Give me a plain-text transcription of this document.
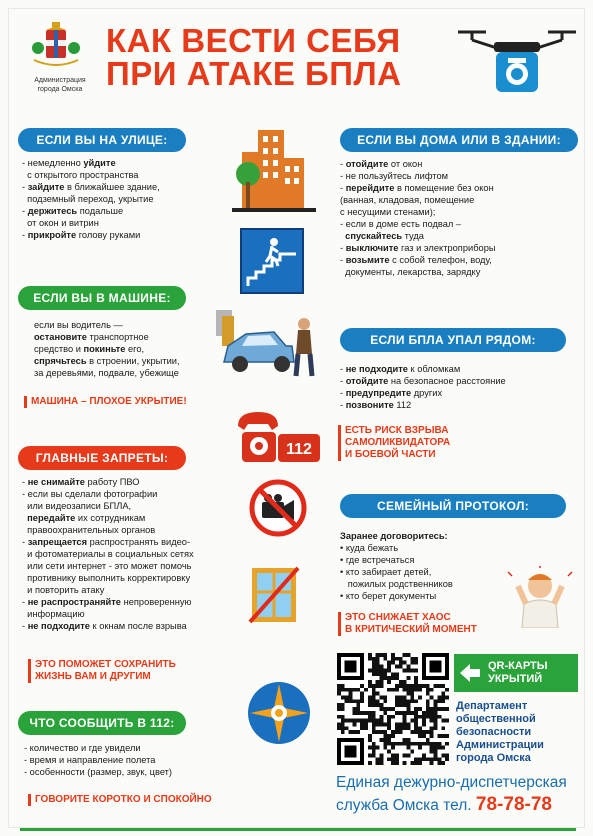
Администрация
города Омска
КАК ВЕСТИ СЕБЯ
ПРИ АТАКЕ БПЛА
ЕСЛИ ВЫ НА УЛИЦЕ:
- немедленно уйдите
с открытого пространства
- зайдите в ближайшее здание,
подземный переход, укрытие
- держитесь подальше
от окон и витрин
- прикройте голову руками
ЕСЛИ ВЫ В МАШИНЕ:
если вы водитель —
остановите транспортное
средство и покиньте его,
спрячьтесь в строении, укрытии,
за деревьями, подвале, убежище
МАШИНА – ПЛОХОЕ УКРЫТИЕ!
ГЛАВНЫЕ ЗАПРЕТЫ:
- не снимайте работу ПВО
- если вы сделали фотографии
или видеозаписи БПЛА,
передайте их сотрудникам
правоохранительных органов
- запрещается распространять видео-
и фотоматериалы в социальных сетях
или сети интернет - это может помочь
противнику выполнить корректировку
и повторить атаку
- не распространяйте непроверенную
информацию
- не подходите к окнам после взрыва
ЭТО ПОМОЖЕТ СОХРАНИТЬ
ЖИЗНЬ ВАМ И ДРУГИМ
ЧТО СООБЩИТЬ В 112:
- количество и где увидели
- время и направление полета
- особенности (размер, звук, цвет)
ГОВОРИТЕ КОРОТКО И СПОКОЙНО
112
ЕСЛИ ВЫ ДОМА ИЛИ В ЗДАНИИ:
- отойдите от окон
- не пользуйтесь лифтом
- перейдите в помещение без окон
(ванная, кладовая, помещение
с несущими стенами);
- если в доме есть подвал –
спускайтесь туда
- выключите газ и электроприборы
- возьмите с собой телефон, воду,
документы, лекарства, зарядку
ЕСЛИ БПЛА УПАЛ РЯДОМ:
- не подходите к обломкам
- отойдите на безопасное расстояние
- предупредите других
- позвоните 112
ЕСТЬ РИСК ВЗРЫВА
САМОЛИКВИДАТОРА
И БОЕВОЙ ЧАСТИ
СЕМЕЙНЫЙ ПРОТОКОЛ:
Заранее договоритесь:
• куда бежать
• где встречаться
• кто забирает детей,
пожилых родственников
• кто берет документы
ЭТО СНИЖАЕТ ХАОС
В КРИТИЧЕСКИЙ МОМЕНТ
QR-КАРТЫ
УКРЫТИЙ
Департамент
общественной
безопасности
Администрации
города Омска
Единая дежурно-диспетчерская
служба Омска тел. 78-78-78
